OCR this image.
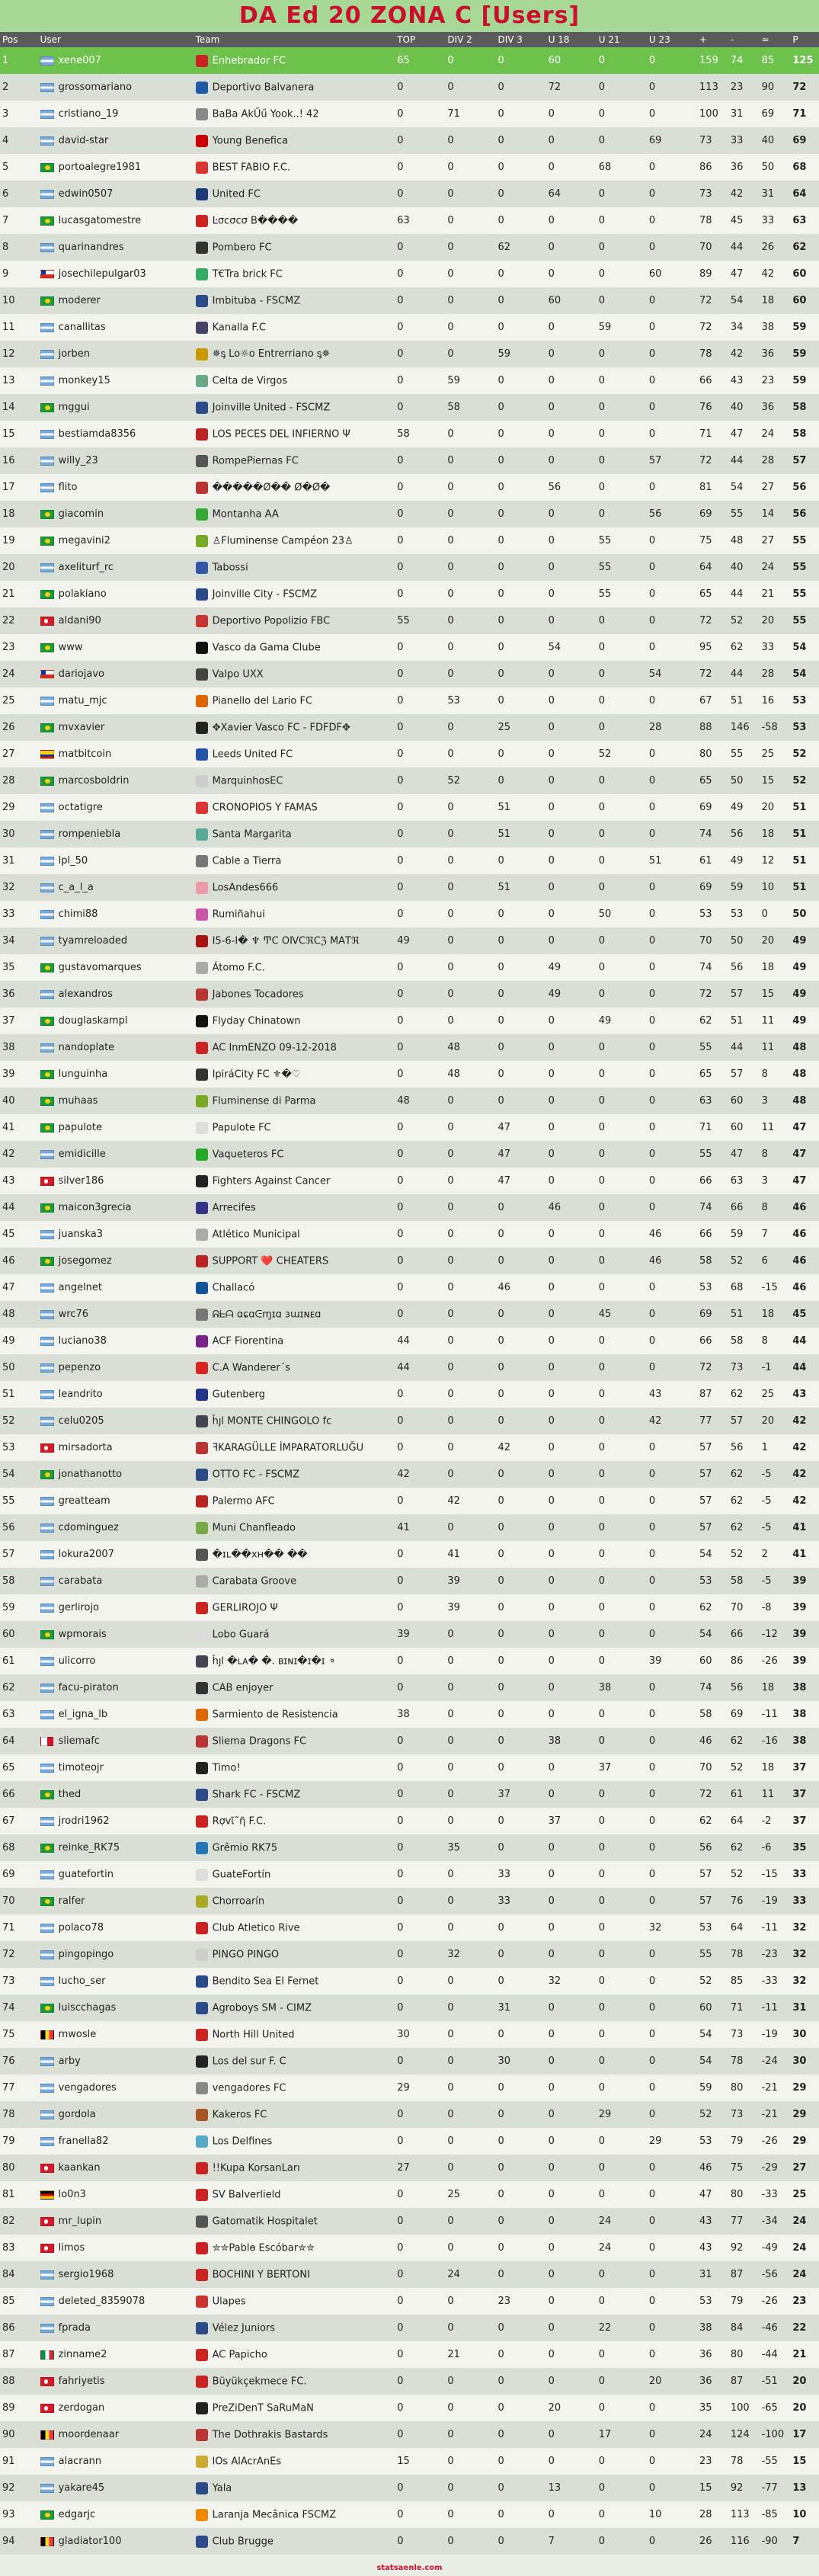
DA Ed 20 ZONA C [Users]
Pos	User	Team	TOP	DIV 2	DIV 3	U 18	U 21	U 23	+	-	=	P
1	xene007	Enhebrador FC	65	0	0	60	0	0	159	74	85	125
2	grossomariano	Deportivo Balvanera	0	0	0	72	0	0	113	23	90	72
3	cristiano_19	BaBa AkŰű Yook..! 42	0	71	0	0	0	0	100	31	69	71
4	david-star	Young Benefica	0	0	0	0	0	69	73	33	40	69
5	portoalegre1981	BEST FABIO F.C.	0	0	0	0	68	0	86	36	50	68
6	edwin0507	United FC	0	0	0	64	0	0	73	42	31	64
7	lucasgatomestre	Ŀσcσcσ B����	63	0	0	0	0	0	78	45	33	63
8	quarinandres	Pombero FC	0	0	62	0	0	0	70	44	26	62
9	josechilepulgar03	T€Tra brick FC	0	0	0	0	0	60	89	47	42	60
10	moderer	Imbituba - FSCMZ	0	0	0	60	0	0	72	54	18	60
11	canallitas	Kanalla F.C	0	0	0	0	59	0	72	34	38	59
12	jorben	✵ᶊ Lo☼o Entrerriano ᶊ✵	0	0	59	0	0	0	78	42	36	59
13	monkey15	Celta de Virgos	0	59	0	0	0	0	66	43	23	59
14	mggui	Joinville United - FSCMZ	0	58	0	0	0	0	76	40	36	58
15	bestiamda8356	LOS PECES DEL INFIERNO Ψ	58	0	0	0	0	0	71	47	24	58
16	willy_23	RompePiernas FC	0	0	0	0	0	57	72	44	28	57
17	flito	�����Ø�� Ø�Ø�	0	0	0	56	0	0	81	54	27	56
18	giacomin	Montanha AA	0	0	0	0	0	56	69	55	14	56
19	megavini2	♙Fluminense Campéon 23♙	0	0	0	0	55	0	75	48	27	55
20	axeliturf_rc	Tabossi	0	0	0	0	55	0	64	40	24	55
21	polakiano	Joinville City - FSCMZ	0	0	0	0	55	0	65	44	21	55
22	aldani90	Deportivo Popolizio FBC	55	0	0	0	0	0	72	52	20	55
23	www	Vasco da Gama Clube	0	0	0	54	0	0	95	62	33	54
24	dariojavo	Valpo UXX	0	0	0	0	0	54	72	44	28	54
25	matu_mjc	Pianello del Lario FC	0	53	0	0	0	0	67	51	16	53
26	mvxavier	✥Xavier Vasco FC - FDFDF✥	0	0	25	0	0	28	88	146	-58	53
27	matbitcoin	Leeds United FC	0	0	0	0	52	0	80	55	25	52
28	marcosboldrin	MarquinhosEC	0	52	0	0	0	0	65	50	15	52
29	octatigre	CRONOPIOS Y FAMAS	0	0	51	0	0	0	69	49	20	51
30	rompeniebla	Santa Margarita	0	0	51	0	0	0	74	56	18	51
31	lpl_50	Cable a Tierra	0	0	0	0	0	51	61	49	12	51
32	c_a_l_a	LosAndes666	0	0	51	0	0	0	69	59	10	51
33	chimi88	Rumiñahui	0	0	0	0	50	0	53	53	0	50
34	tyamreloaded	Ⅰ5-6-Ⅰ� ♆ ͲϹ ΟⅣϹℜϹℨ ΜΑΤℜ	49	0	0	0	0	0	70	50	20	49
35	gustavomarques	Átomo F.C.	0	0	0	49	0	0	74	56	18	49
36	alexandros	Jabones Tocadores	0	0	0	49	0	0	72	57	15	49
37	douglaskampl	Flyday Chinatown	0	0	0	0	49	0	62	51	11	49
38	nandoplate	AC InmENZO 09-12-2018	0	48	0	0	0	0	55	44	11	48
39	lunguinha	IpiráCity FC ⚜�♡	0	48	0	0	0	0	65	57	8	48
40	muhaas	Fluminense di Parma	48	0	0	0	0	0	63	60	3	48
41	papulote	Papulote FC	0	0	47	0	0	0	71	60	11	47
42	emidicille	Vaqueteros FC	0	0	47	0	0	0	55	47	8	47
43	silver186	Fighters Against Cancer	0	0	47	0	0	0	66	63	3	47
44	maicon3grecia	Arrecifes	0	0	0	46	0	0	74	66	8	46
45	juanska3	Atlético Municipal	0	0	0	0	0	46	66	59	7	46
46	josegomez	SUPPORT ❤️ CHEATERS	0	0	0	0	0	46	58	52	6	46
47	angelnet	Challacó	0	0	46	0	0	0	53	68	-15	46
48	wrc76	ᕱᖶᗩ ɑɕɑᕮɱɪɑ ɜɯɪɴᴇɑ	0	0	0	0	45	0	69	51	18	45
49	luciano38	ACF Fiorentina	44	0	0	0	0	0	66	58	8	44
50	pepenzo	C.A Wanderer´s	44	0	0	0	0	0	72	73	-1	44
51	leandrito	Gutenberg	0	0	0	0	0	43	87	62	25	43
52	celu0205	ȟȷl MONTE CHINGOLO fc	0	0	0	0	0	42	77	57	20	42
53	mirsadorta	ꟻKARAGÜLLE İMPARATORLUĞU	0	0	42	0	0	0	57	56	1	42
54	jonathanotto	OTTO FC - FSCMZ	42	0	0	0	0	0	57	62	-5	42
55	greatteam	Palermo AFC	0	42	0	0	0	0	57	62	-5	42
56	cdominguez	Muni Chanfleado	41	0	0	0	0	0	57	62	-5	41
57	lokura2007	�ɪʟ��xн�� ��	0	41	0	0	0	0	54	52	2	41
58	carabata	Carabata Groove	0	39	0	0	0	0	53	58	-5	39
59	gerlirojo	GERLIROJO Ψ	0	39	0	0	0	0	62	70	-8	39
60	wpmorais	Lobo Guará	39	0	0	0	0	0	54	66	-12	39
61	ulicorro	ȟȷl �ʟᴀ� �. ʙɪɴɪ�ɪ�ɪ ⚬	0	0	0	0	0	39	60	86	-26	39
62	facu-piraton	CAB enjoyer	0	0	0	0	38	0	74	56	18	38
63	el_igna_lb	Sarmiento de Resistencia	38	0	0	0	0	0	58	69	-11	38
64	sliemafc	Sliema Dragons FC	0	0	0	38	0	0	46	62	-16	38
65	timoteojr	Timo!	0	0	0	0	37	0	70	52	18	37
66	thed	Shark FC - FSCMZ	0	0	37	0	0	0	72	61	11	37
67	jrodri1962	Rợvῖ῀ῆ F.C.	0	0	0	37	0	0	62	64	-2	37
68	reinke_RK75	Grêmio RK75	0	35	0	0	0	0	56	62	-6	35
69	guatefortin	GuateFortín	0	0	33	0	0	0	57	52	-15	33
70	ralfer	Chorroarín	0	0	33	0	0	0	57	76	-19	33
71	polaco78	Club Atletico Rive	0	0	0	0	0	32	53	64	-11	32
72	pingopingo	PINGO PINGO	0	32	0	0	0	0	55	78	-23	32
73	lucho_ser	Bendito Sea El Fernet	0	0	0	32	0	0	52	85	-33	32
74	luiscchagas	Agroboys SM - CIMZ	0	0	31	0	0	0	60	71	-11	31
75	mwosle	North Hill United	30	0	0	0	0	0	54	73	-19	30
76	arby	Los del sur F. C	0	0	30	0	0	0	54	78	-24	30
77	vengadores	vengadores FC	29	0	0	0	0	0	59	80	-21	29
78	gordola	Kakeros FC	0	0	0	0	29	0	52	73	-21	29
79	franella82	Los Delfines	0	0	0	0	0	29	53	79	-26	29
80	kaankan	!!Kupa KorsanLarı	27	0	0	0	0	0	46	75	-29	27
81	lo0n3	SV Balverlield	0	25	0	0	0	0	47	80	-33	25
82	mr_lupin	Gatomatik Hospitalet	0	0	0	0	24	0	43	77	-34	24
83	limos	✮✮Pablɵ Escóbar✮✮	0	0	0	0	24	0	43	92	-49	24
84	sergio1968	BOCHINI Y BERTONI	0	24	0	0	0	0	31	87	-56	24
85	deleted_8359078	Ulapes	0	0	23	0	0	0	53	79	-26	23
86	fprada	Vélez Juniors	0	0	0	0	22	0	38	84	-46	22
87	zinname2	AC Papicho	0	21	0	0	0	0	36	80	-44	21
88	fahriyetis	Büyükçekmece FC.	0	0	0	0	0	20	36	87	-51	20
89	zerdogan	PreZiDenT SaRuMaN	0	0	0	20	0	0	35	100	-65	20
90	moordenaar	The Dothrakis Bastards	0	0	0	0	17	0	24	124	-100	17
91	alacrann	lOs AlAcrAnEs	15	0	0	0	0	0	23	78	-55	15
92	yakare45	Yala	0	0	0	13	0	0	15	92	-77	13
93	edgarjc	Laranja Mecânica FSCMZ	0	0	0	0	0	10	28	113	-85	10
94	gladiator100	Club Brugge	0	0	0	7	0	0	26	116	-90	7
statsaenle.com
